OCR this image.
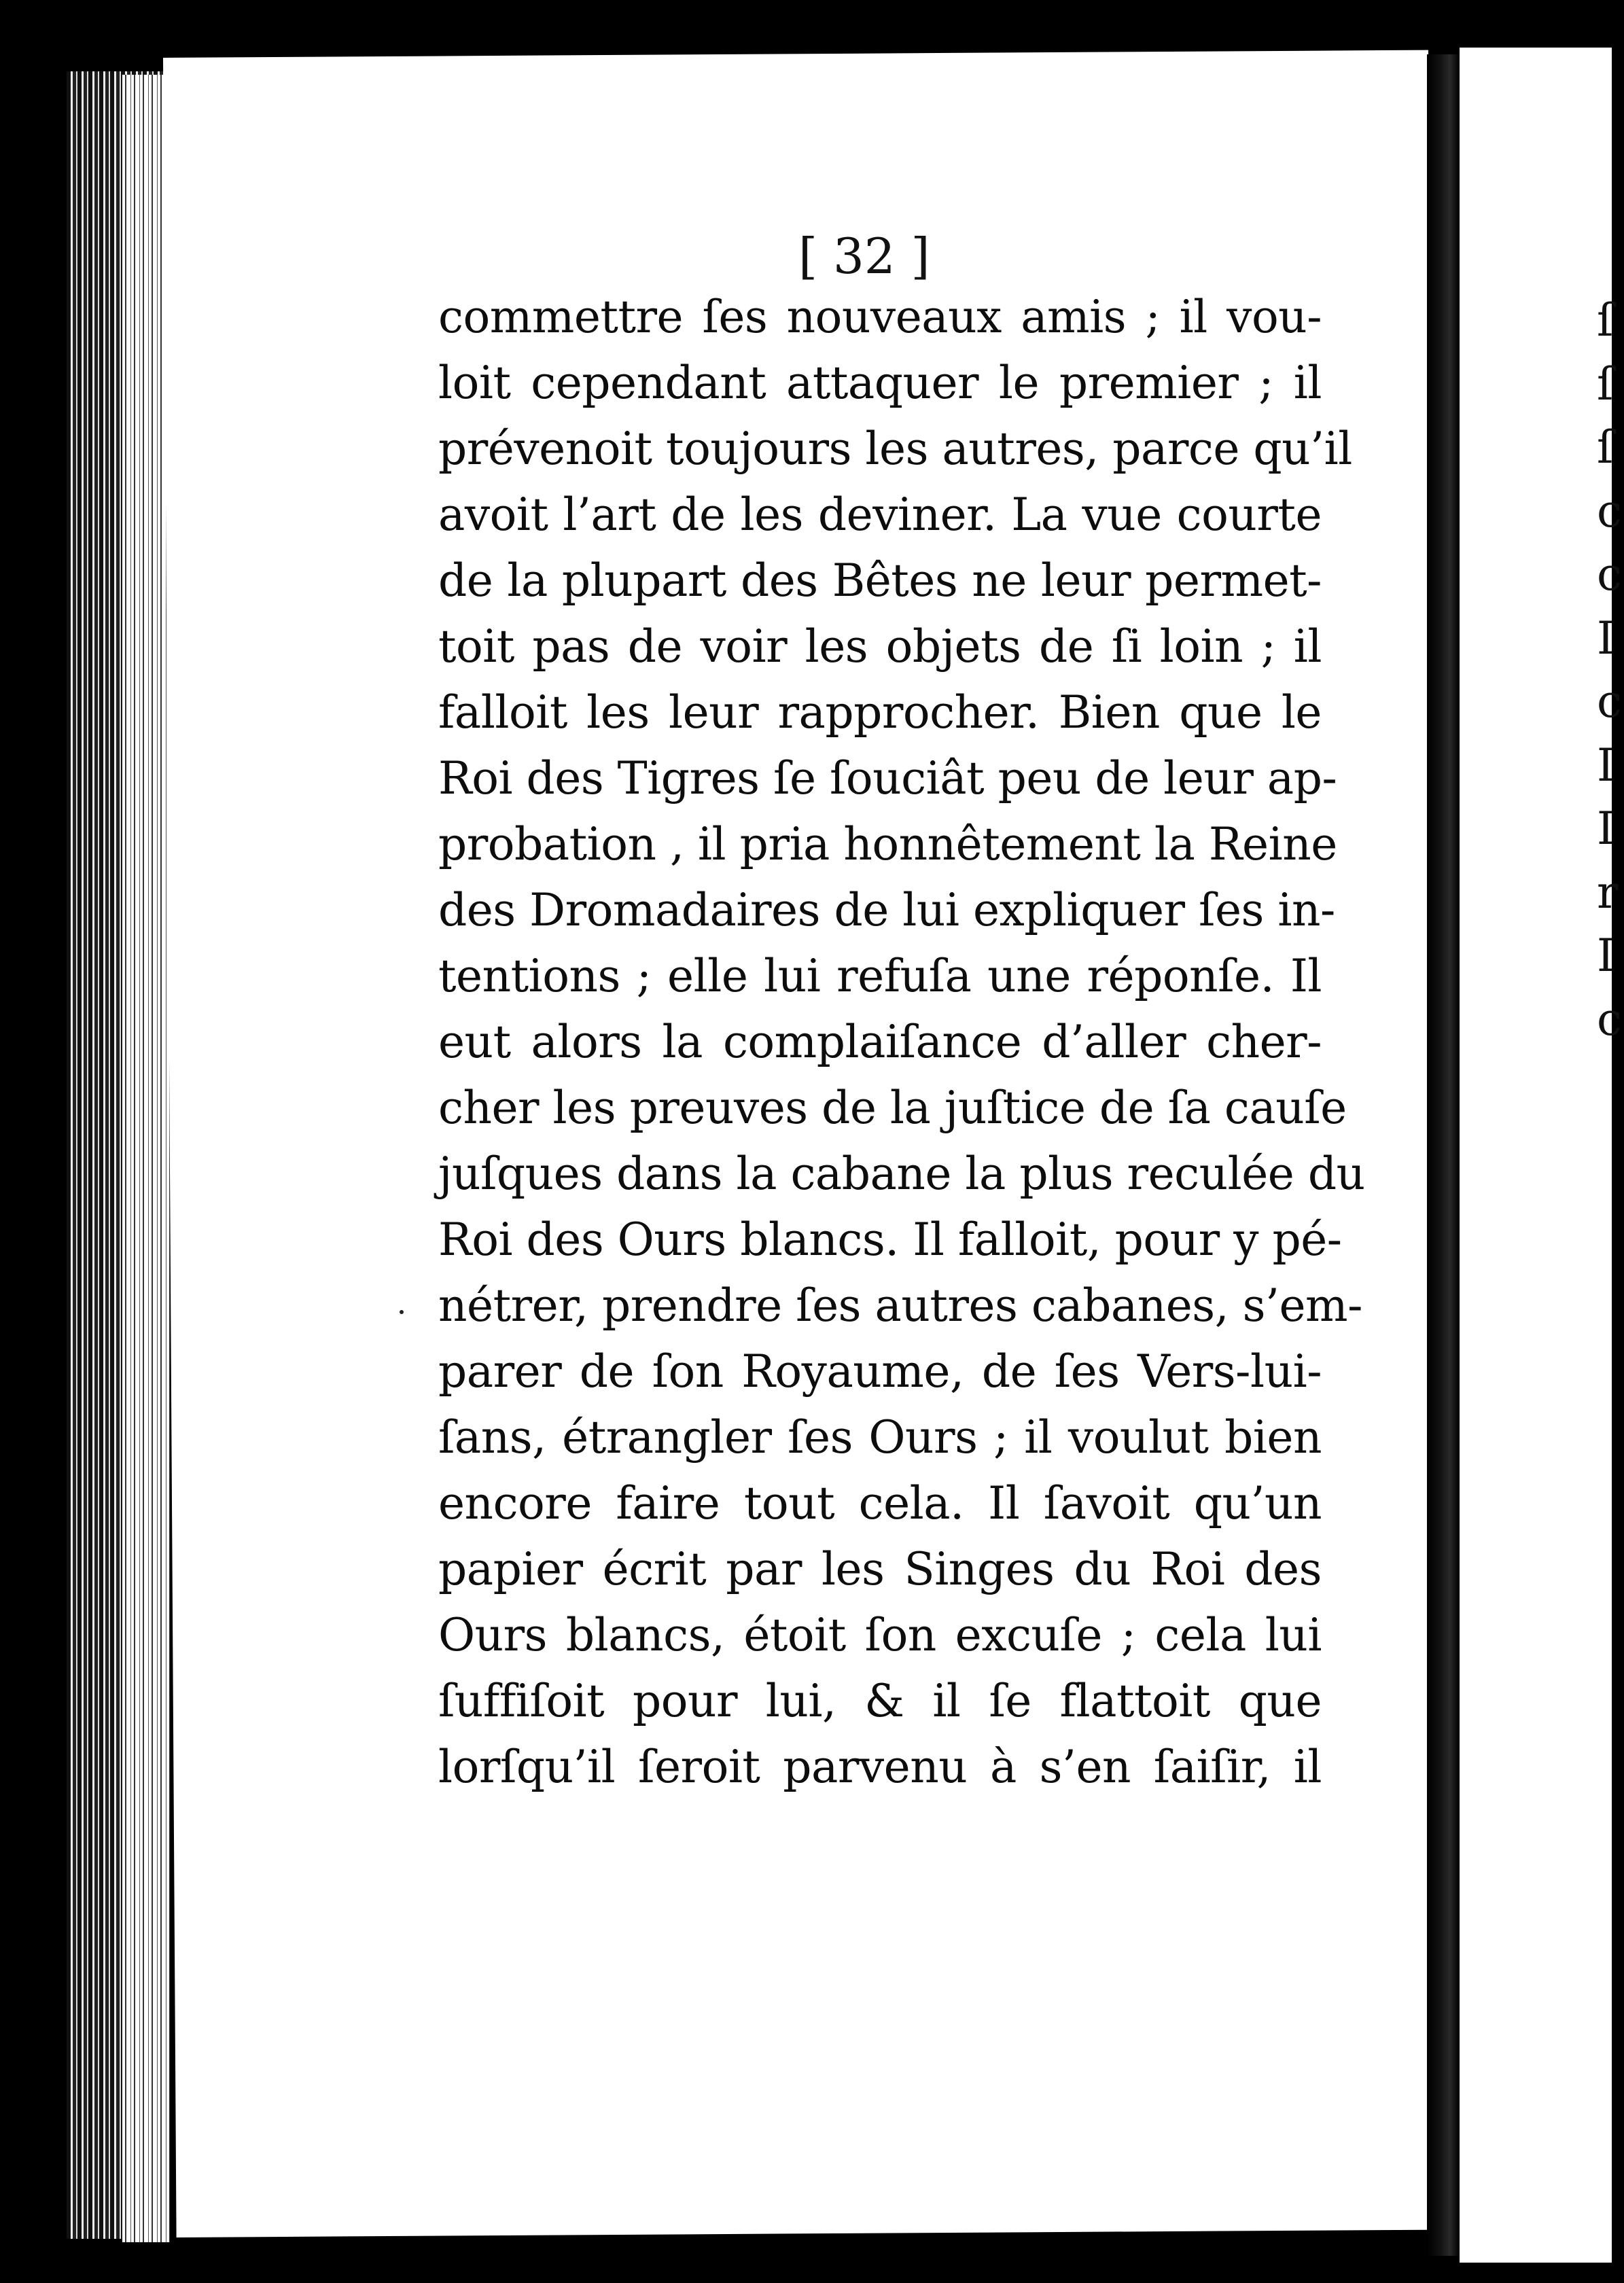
ſ
ſ
ſ
c
c
I
c
I
I
r
I
c
[ 32 ]
commettre ſes nouveaux amis ; il vou-
loit cependant attaquer le premier ; il
prévenoit toujours les autres, parce qu’il
avoit l’art de les deviner. La vue courte
de la plupart des Bêtes ne leur permet-
toit pas de voir les objets de ſi loin ; il
falloit les leur rapprocher. Bien que le
Roi des Tigres ſe ſouciât peu de leur ap-
probation , il pria honnêtement la Reine
des Dromadaires de lui expliquer ſes in-
tentions ; elle lui refuſa une réponſe. Il
eut alors la complaiſance d’aller cher-
cher les preuves de la juſtice de ſa cauſe
juſques dans la cabane la plus reculée du
Roi des Ours blancs. Il falloit, pour y pé-
nétrer, prendre ſes autres cabanes, s’em-
parer de ſon Royaume, de ſes Vers-lui-
ſans, étrangler ſes Ours ; il voulut bien
encore faire tout cela. Il ſavoit qu’un
papier écrit par les Singes du Roi des
Ours blancs, étoit ſon excuſe ; cela lui
ſuffiſoit pour lui, & il ſe flattoit que
lorſqu’il ſeroit parvenu à s’en ſaiſir, il
